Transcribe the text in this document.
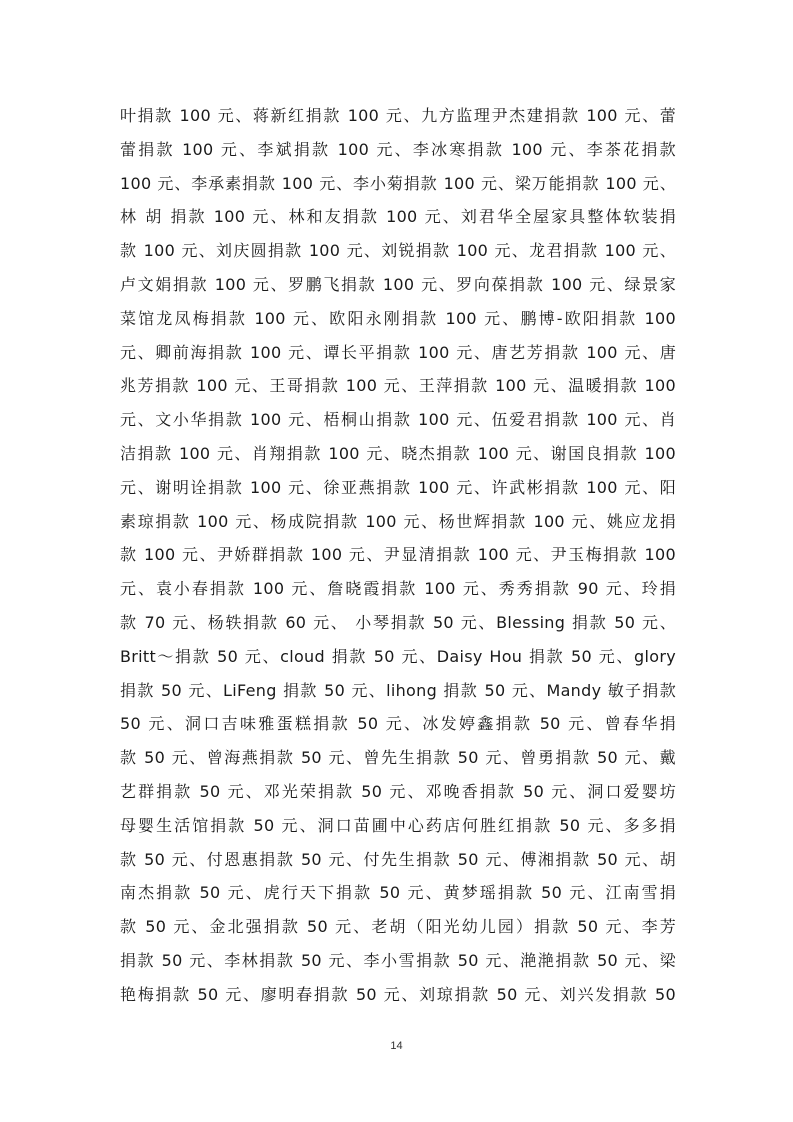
叶捐款 100 元、蒋新红捐款 100 元、九方监理尹杰建捐款 100 元、蕾
蕾捐款 100 元、李斌捐款 100 元、李冰寒捐款 100 元、李茶花捐款
100 元、李承素捐款 100 元、李小菊捐款 100 元、梁万能捐款 100 元、
林 胡 捐款 100 元、林和友捐款 100 元、刘君华全屋家具整体软装捐
款 100 元、刘庆圆捐款 100 元、刘锐捐款 100 元、龙君捐款 100 元、
卢文娟捐款 100 元、罗鹏飞捐款 100 元、罗向葆捐款 100 元、绿景家
菜馆龙凤梅捐款 100 元、欧阳永刚捐款 100 元、鹏博-欧阳捐款 100
元、卿前海捐款 100 元、谭长平捐款 100 元、唐艺芳捐款 100 元、唐
兆芳捐款 100 元、王哥捐款 100 元、王萍捐款 100 元、温暖捐款 100
元、文小华捐款 100 元、梧桐山捐款 100 元、伍爱君捐款 100 元、肖
洁捐款 100 元、肖翔捐款 100 元、晓杰捐款 100 元、谢国良捐款 100
元、谢明诠捐款 100 元、徐亚燕捐款 100 元、许武彬捐款 100 元、阳
素琼捐款 100 元、杨成院捐款 100 元、杨世辉捐款 100 元、姚应龙捐
款 100 元、尹娇群捐款 100 元、尹显清捐款 100 元、尹玉梅捐款 100
元、袁小春捐款 100 元、詹晓霞捐款 100 元、秀秀捐款 90 元、玲捐
款 70 元、杨轶捐款 60 元、 小琴捐款 50 元、Blessing 捐款 50 元、
Britt～捐款 50 元、cloud 捐款 50 元、Daisy Hou 捐款 50 元、glory
捐款 50 元、LiFeng 捐款 50 元、lihong 捐款 50 元、Mandy 敏子捐款
50 元、洞口吉味雅蛋糕捐款 50 元、冰发婷鑫捐款 50 元、曾春华捐
款 50 元、曾海燕捐款 50 元、曾先生捐款 50 元、曾勇捐款 50 元、戴
艺群捐款 50 元、邓光荣捐款 50 元、邓晚香捐款 50 元、洞口爱婴坊
母婴生活馆捐款 50 元、洞口苗圃中心药店何胜红捐款 50 元、多多捐
款 50 元、付恩惠捐款 50 元、付先生捐款 50 元、傅湘捐款 50 元、胡
南杰捐款 50 元、虎行天下捐款 50 元、黄梦瑶捐款 50 元、江南雪捐
款 50 元、金北强捐款 50 元、老胡（阳光幼儿园）捐款 50 元、李芳
捐款 50 元、李林捐款 50 元、李小雪捐款 50 元、滟滟捐款 50 元、梁
艳梅捐款 50 元、廖明春捐款 50 元、刘琼捐款 50 元、刘兴发捐款 50
14
